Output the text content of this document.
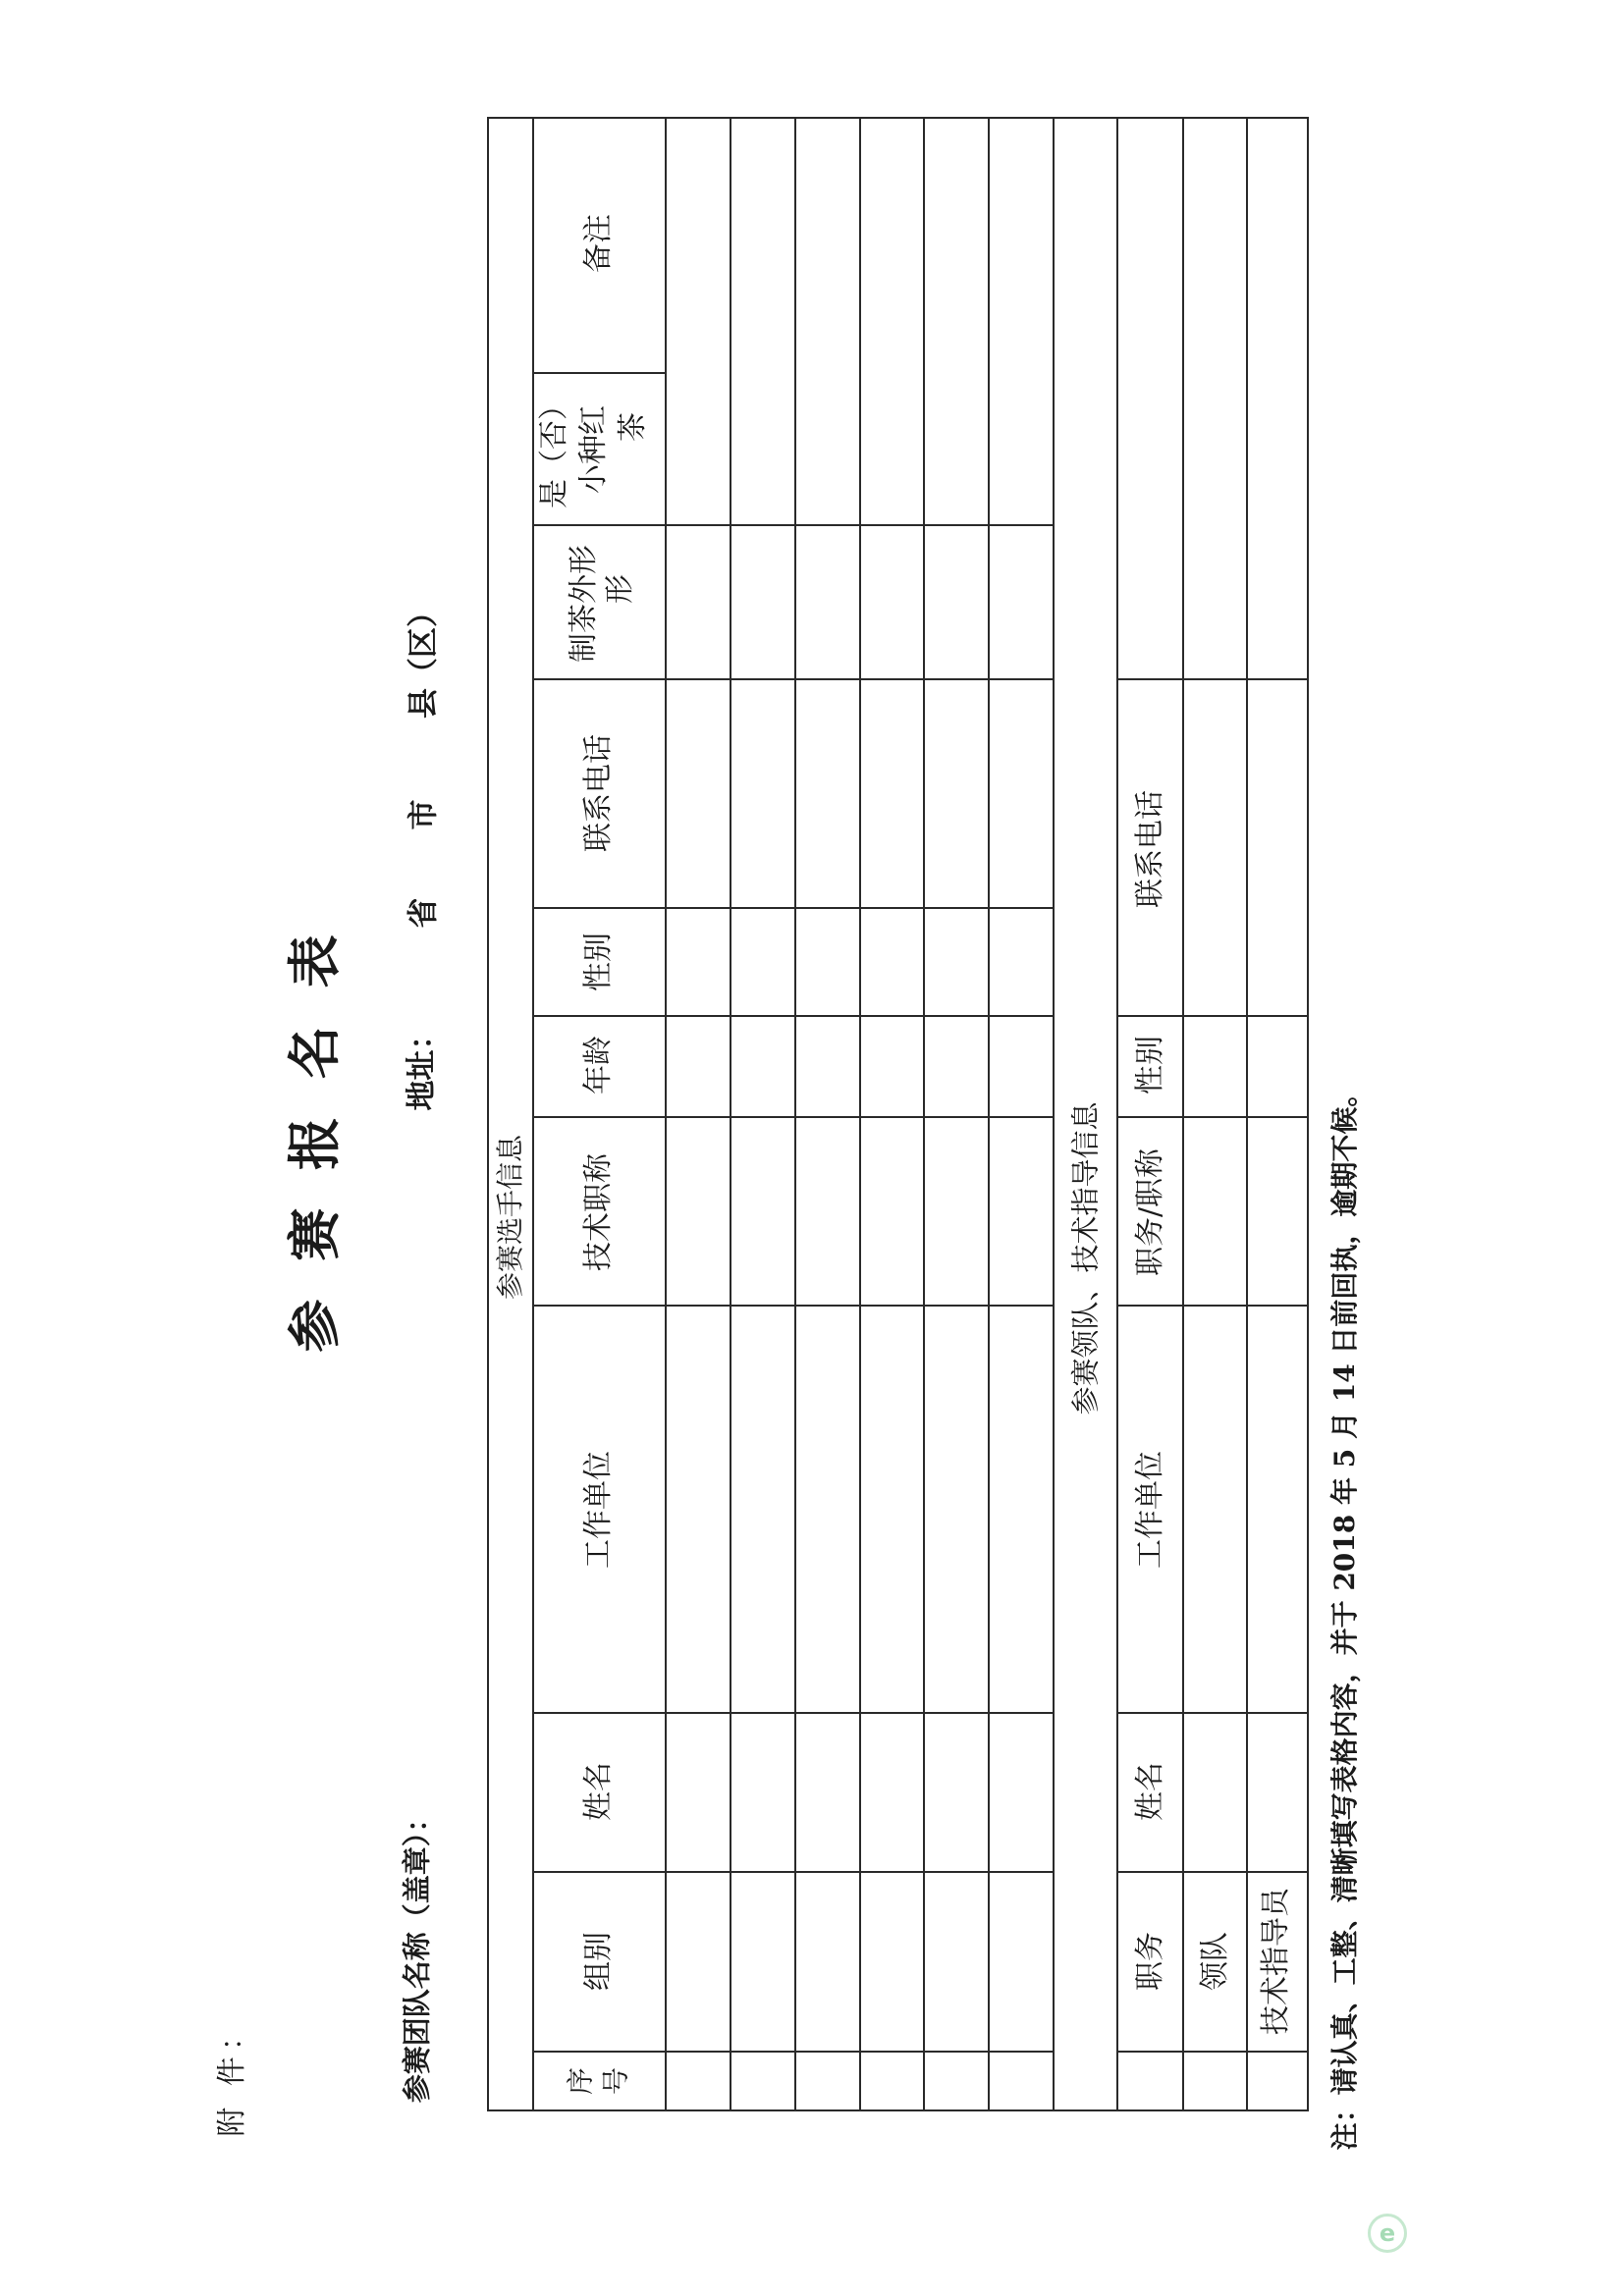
附 件：
参 赛 报 名 表
参赛团队名称（盖章）：
地址：
省
市
县（区）
参赛选手信息	参赛领队、技术指导信息
序号
组别
姓名
工作单位
技术职称
年龄
性别
联系电话
制茶外形 形
是（否） 小种红 茶
备注
职务
姓名
工作单位
职务/职称
性别
联系电话
领队 技术指导员 注：请认真、工整、清晰填写表格内容，并于 2018 年 5 月 14 日前回执，逾期不候。
e
